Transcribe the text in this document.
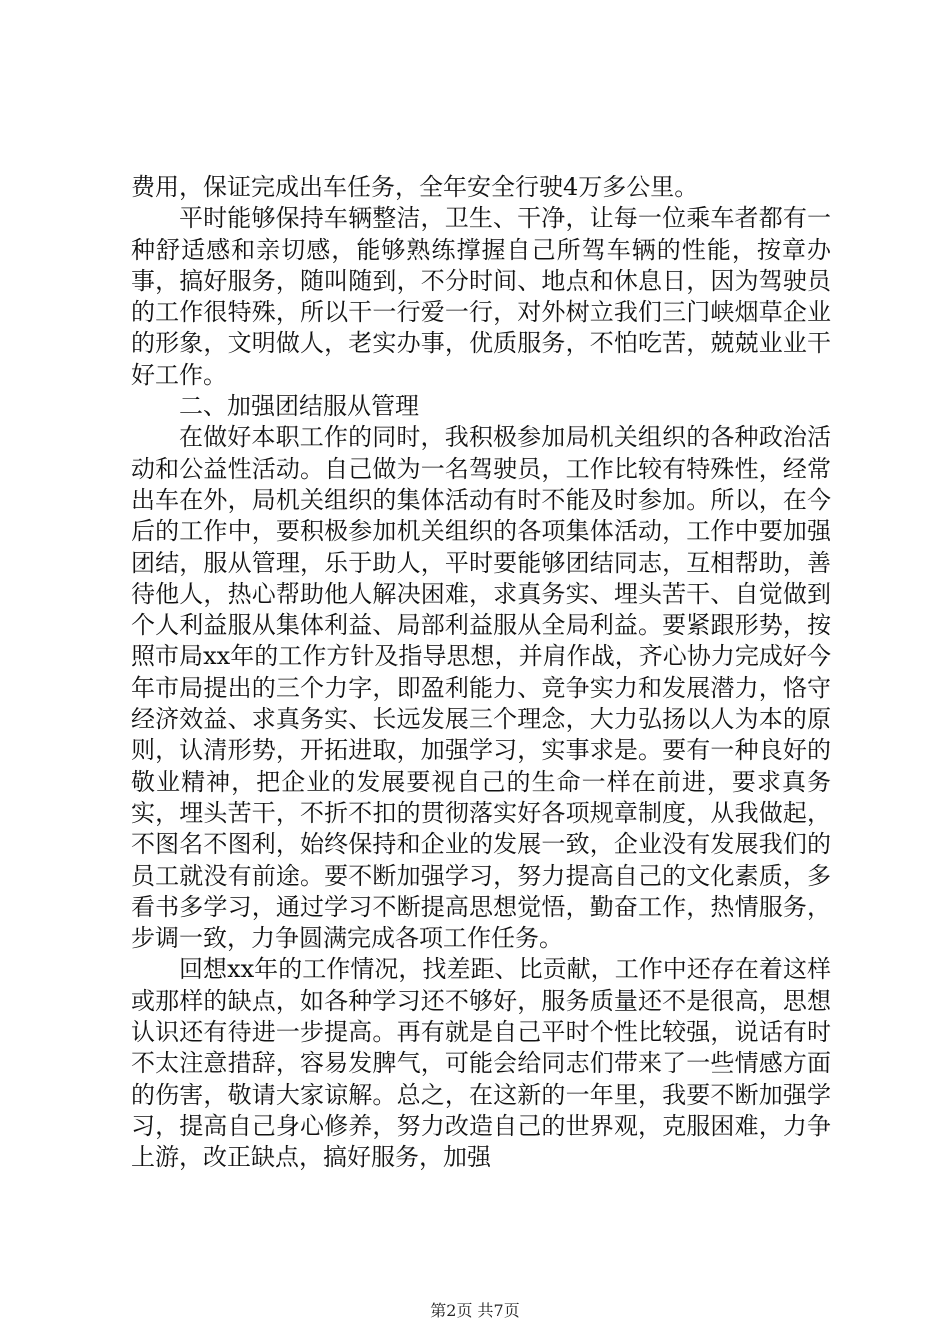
费用，保证完成出车任务，全年安全行驶4万多公里。

平时能够保持车辆整洁，卫生、干净，让每一位乘车者都有一种舒适感和亲切感，能够熟练撑握自己所驾车辆的性能，按章办事，搞好服务，随叫随到，不分时间、地点和休息日，因为驾驶员的工作很特殊，所以干一行爱一行，对外树立我们三门峡烟草企业的形象，文明做人，老实办事，优质服务，不怕吃苦，兢兢业业干好工作。

二、加强团结服从管理

在做好本职工作的同时，我积极参加局机关组织的各种政治活动和公益性活动。自己做为一名驾驶员，工作比较有特殊性，经常出车在外，局机关组织的集体活动有时不能及时参加。所以，在今后的工作中，要积极参加机关组织的各项集体活动，工作中要加强团结，服从管理，乐于助人，平时要能够团结同志，互相帮助，善待他人，热心帮助他人解决困难，求真务实、埋头苦干、自觉做到个人利益服从集体利益、局部利益服从全局利益。要紧跟形势，按照市局xx年的工作方针及指导思想，并肩作战，齐心协力完成好今年市局提出的三个力字，即盈利能力、竞争实力和发展潜力，恪守经济效益、求真务实、长远发展三个理念，大力弘扬以人为本的原则，认清形势，开拓进取，加强学习，实事求是。要有一种良好的敬业精神，把企业的发展要视自己的生命一样在前进，要求真务实，埋头苦干，不折不扣的贯彻落实好各项规章制度，从我做起，不图名不图利，始终保持和企业的发展一致，企业没有发展我们的员工就没有前途。要不断加强学习，努力提高自己的文化素质，多看书多学习，通过学习不断提高思想觉悟，勤奋工作，热情服务，步调一致，力争圆满完成各项工作任务。

回想xx年的工作情况，找差距、比贡献，工作中还存在着这样或那样的缺点，如各种学习还不够好，服务质量还不是很高，思想认识还有待进一步提高。再有就是自己平时个性比较强，说话有时不太注意措辞，容易发脾气，可能会给同志们带来了一些情感方面的伤害，敬请大家谅解。总之，在这新的一年里，我要不断加强学习，提高自己身心修养，努力改造自己的世界观，克服困难，力争上游，改正缺点，搞好服务，加强

第2页 共7页
